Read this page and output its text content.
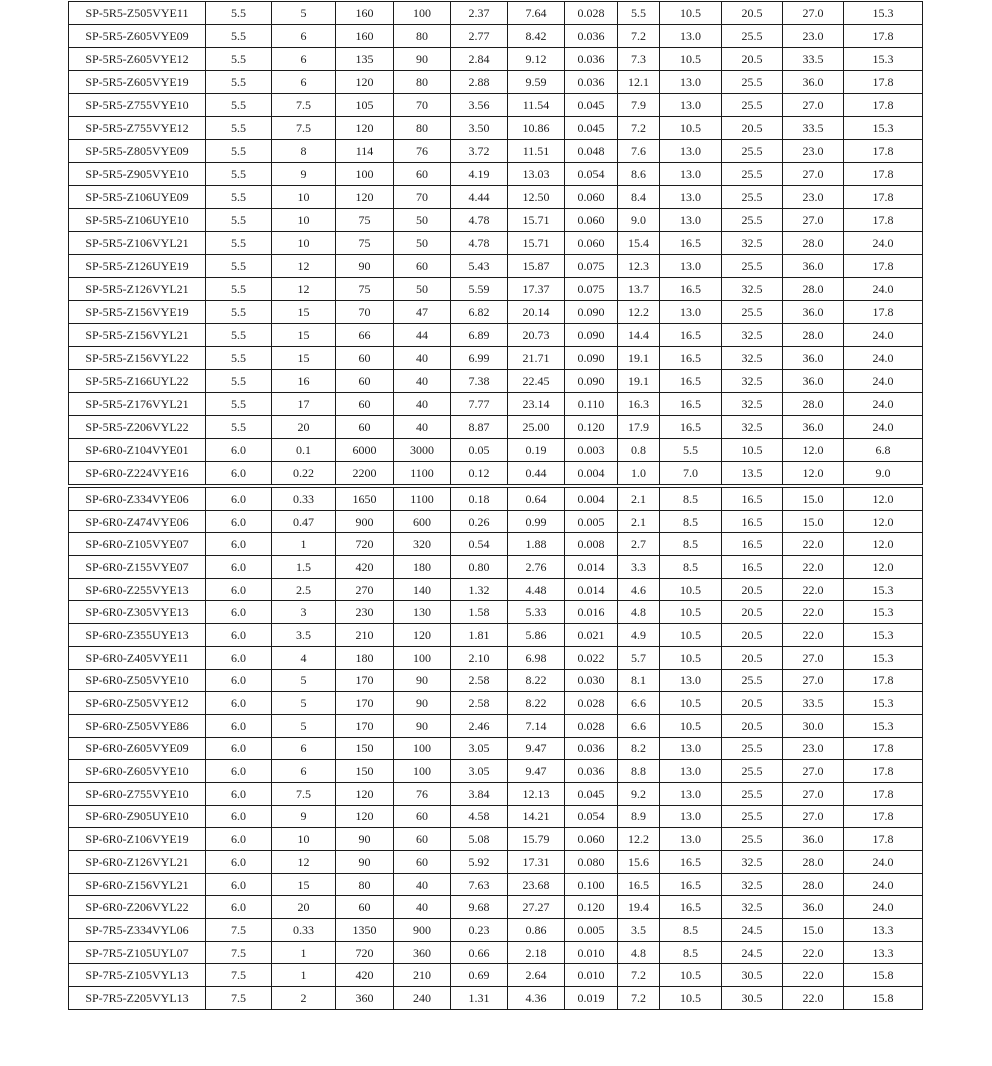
SP-5R5-Z505VYE11	5.5	5	160	100	2.37	7.64	0.028	5.5	10.5	20.5	27.0	15.3
SP-5R5-Z605VYE09	5.5	6	160	80	2.77	8.42	0.036	7.2	13.0	25.5	23.0	17.8
SP-5R5-Z605VYE12	5.5	6	135	90	2.84	9.12	0.036	7.3	10.5	20.5	33.5	15.3
SP-5R5-Z605VYE19	5.5	6	120	80	2.88	9.59	0.036	12.1	13.0	25.5	36.0	17.8
SP-5R5-Z755VYE10	5.5	7.5	105	70	3.56	11.54	0.045	7.9	13.0	25.5	27.0	17.8
SP-5R5-Z755VYE12	5.5	7.5	120	80	3.50	10.86	0.045	7.2	10.5	20.5	33.5	15.3
SP-5R5-Z805VYE09	5.5	8	114	76	3.72	11.51	0.048	7.6	13.0	25.5	23.0	17.8
SP-5R5-Z905VYE10	5.5	9	100	60	4.19	13.03	0.054	8.6	13.0	25.5	27.0	17.8
SP-5R5-Z106UYE09	5.5	10	120	70	4.44	12.50	0.060	8.4	13.0	25.5	23.0	17.8
SP-5R5-Z106UYE10	5.5	10	75	50	4.78	15.71	0.060	9.0	13.0	25.5	27.0	17.8
SP-5R5-Z106VYL21	5.5	10	75	50	4.78	15.71	0.060	15.4	16.5	32.5	28.0	24.0
SP-5R5-Z126UYE19	5.5	12	90	60	5.43	15.87	0.075	12.3	13.0	25.5	36.0	17.8
SP-5R5-Z126VYL21	5.5	12	75	50	5.59	17.37	0.075	13.7	16.5	32.5	28.0	24.0
SP-5R5-Z156VYE19	5.5	15	70	47	6.82	20.14	0.090	12.2	13.0	25.5	36.0	17.8
SP-5R5-Z156VYL21	5.5	15	66	44	6.89	20.73	0.090	14.4	16.5	32.5	28.0	24.0
SP-5R5-Z156VYL22	5.5	15	60	40	6.99	21.71	0.090	19.1	16.5	32.5	36.0	24.0
SP-5R5-Z166UYL22	5.5	16	60	40	7.38	22.45	0.090	19.1	16.5	32.5	36.0	24.0
SP-5R5-Z176VYL21	5.5	17	60	40	7.77	23.14	0.110	16.3	16.5	32.5	28.0	24.0
SP-5R5-Z206VYL22	5.5	20	60	40	8.87	25.00	0.120	17.9	16.5	32.5	36.0	24.0
SP-6R0-Z104VYE01	6.0	0.1	6000	3000	0.05	0.19	0.003	0.8	5.5	10.5	12.0	6.8
SP-6R0-Z224VYE16	6.0	0.22	2200	1100	0.12	0.44	0.004	1.0	7.0	13.5	12.0	9.0
SP-6R0-Z334VYE06	6.0	0.33	1650	1100	0.18	0.64	0.004	2.1	8.5	16.5	15.0	12.0
SP-6R0-Z474VYE06	6.0	0.47	900	600	0.26	0.99	0.005	2.1	8.5	16.5	15.0	12.0
SP-6R0-Z105VYE07	6.0	1	720	320	0.54	1.88	0.008	2.7	8.5	16.5	22.0	12.0
SP-6R0-Z155VYE07	6.0	1.5	420	180	0.80	2.76	0.014	3.3	8.5	16.5	22.0	12.0
SP-6R0-Z255VYE13	6.0	2.5	270	140	1.32	4.48	0.014	4.6	10.5	20.5	22.0	15.3
SP-6R0-Z305VYE13	6.0	3	230	130	1.58	5.33	0.016	4.8	10.5	20.5	22.0	15.3
SP-6R0-Z355UYE13	6.0	3.5	210	120	1.81	5.86	0.021	4.9	10.5	20.5	22.0	15.3
SP-6R0-Z405VYE11	6.0	4	180	100	2.10	6.98	0.022	5.7	10.5	20.5	27.0	15.3
SP-6R0-Z505VYE10	6.0	5	170	90	2.58	8.22	0.030	8.1	13.0	25.5	27.0	17.8
SP-6R0-Z505VYE12	6.0	5	170	90	2.58	8.22	0.028	6.6	10.5	20.5	33.5	15.3
SP-6R0-Z505VYE86	6.0	5	170	90	2.46	7.14	0.028	6.6	10.5	20.5	30.0	15.3
SP-6R0-Z605VYE09	6.0	6	150	100	3.05	9.47	0.036	8.2	13.0	25.5	23.0	17.8
SP-6R0-Z605VYE10	6.0	6	150	100	3.05	9.47	0.036	8.8	13.0	25.5	27.0	17.8
SP-6R0-Z755VYE10	6.0	7.5	120	76	3.84	12.13	0.045	9.2	13.0	25.5	27.0	17.8
SP-6R0-Z905UYE10	6.0	9	120	60	4.58	14.21	0.054	8.9	13.0	25.5	27.0	17.8
SP-6R0-Z106VYE19	6.0	10	90	60	5.08	15.79	0.060	12.2	13.0	25.5	36.0	17.8
SP-6R0-Z126VYL21	6.0	12	90	60	5.92	17.31	0.080	15.6	16.5	32.5	28.0	24.0
SP-6R0-Z156VYL21	6.0	15	80	40	7.63	23.68	0.100	16.5	16.5	32.5	28.0	24.0
SP-6R0-Z206VYL22	6.0	20	60	40	9.68	27.27	0.120	19.4	16.5	32.5	36.0	24.0
SP-7R5-Z334VYL06	7.5	0.33	1350	900	0.23	0.86	0.005	3.5	8.5	24.5	15.0	13.3
SP-7R5-Z105UYL07	7.5	1	720	360	0.66	2.18	0.010	4.8	8.5	24.5	22.0	13.3
SP-7R5-Z105VYL13	7.5	1	420	210	0.69	2.64	0.010	7.2	10.5	30.5	22.0	15.8
SP-7R5-Z205VYL13	7.5	2	360	240	1.31	4.36	0.019	7.2	10.5	30.5	22.0	15.8
